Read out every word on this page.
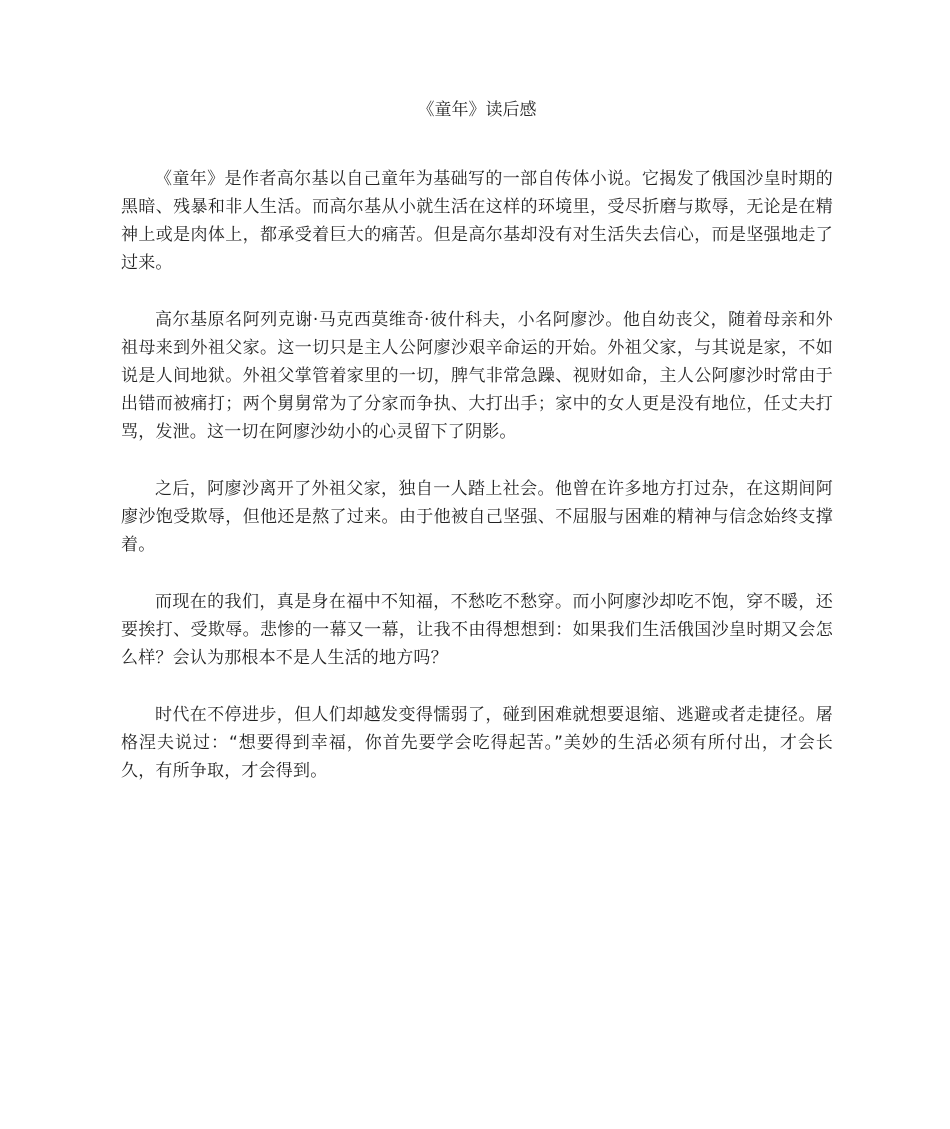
《童年》读后感

《童年》是作者高尔基以自己童年为基础写的一部自传体小说。它揭发了俄国沙皇时期的黑暗、残暴和非人生活。而高尔基从小就生活在这样的环境里，受尽折磨与欺辱，无论是在精神上或是肉体上，都承受着巨大的痛苦。但是高尔基却没有对生活失去信心，而是坚强地走了过来。

高尔基原名阿列克谢·马克西莫维奇·彼什科夫，小名阿廖沙。他自幼丧父，随着母亲和外祖母来到外祖父家。这一切只是主人公阿廖沙艰辛命运的开始。外祖父家，与其说是家，不如说是人间地狱。外祖父掌管着家里的一切，脾气非常急躁、视财如命，主人公阿廖沙时常由于出错而被痛打；两个舅舅常为了分家而争执、大打出手；家中的女人更是没有地位，任丈夫打骂，发泄。这一切在阿廖沙幼小的心灵留下了阴影。

之后，阿廖沙离开了外祖父家，独自一人踏上社会。他曾在许多地方打过杂，在这期间阿廖沙饱受欺辱，但他还是熬了过来。由于他被自己坚强、不屈服与困难的精神与信念始终支撑着。

而现在的我们，真是身在福中不知福，不愁吃不愁穿。而小阿廖沙却吃不饱，穿不暖，还要挨打、受欺辱。悲惨的一幕又一幕，让我不由得想想到：如果我们生活俄国沙皇时期又会怎么样？会认为那根本不是人生活的地方吗？

时代在不停进步，但人们却越发变得懦弱了，碰到困难就想要退缩、逃避或者走捷径。屠格涅夫说过：“想要得到幸福，你首先要学会吃得起苦。”美妙的生活必须有所付出，才会长久，有所争取，才会得到。
